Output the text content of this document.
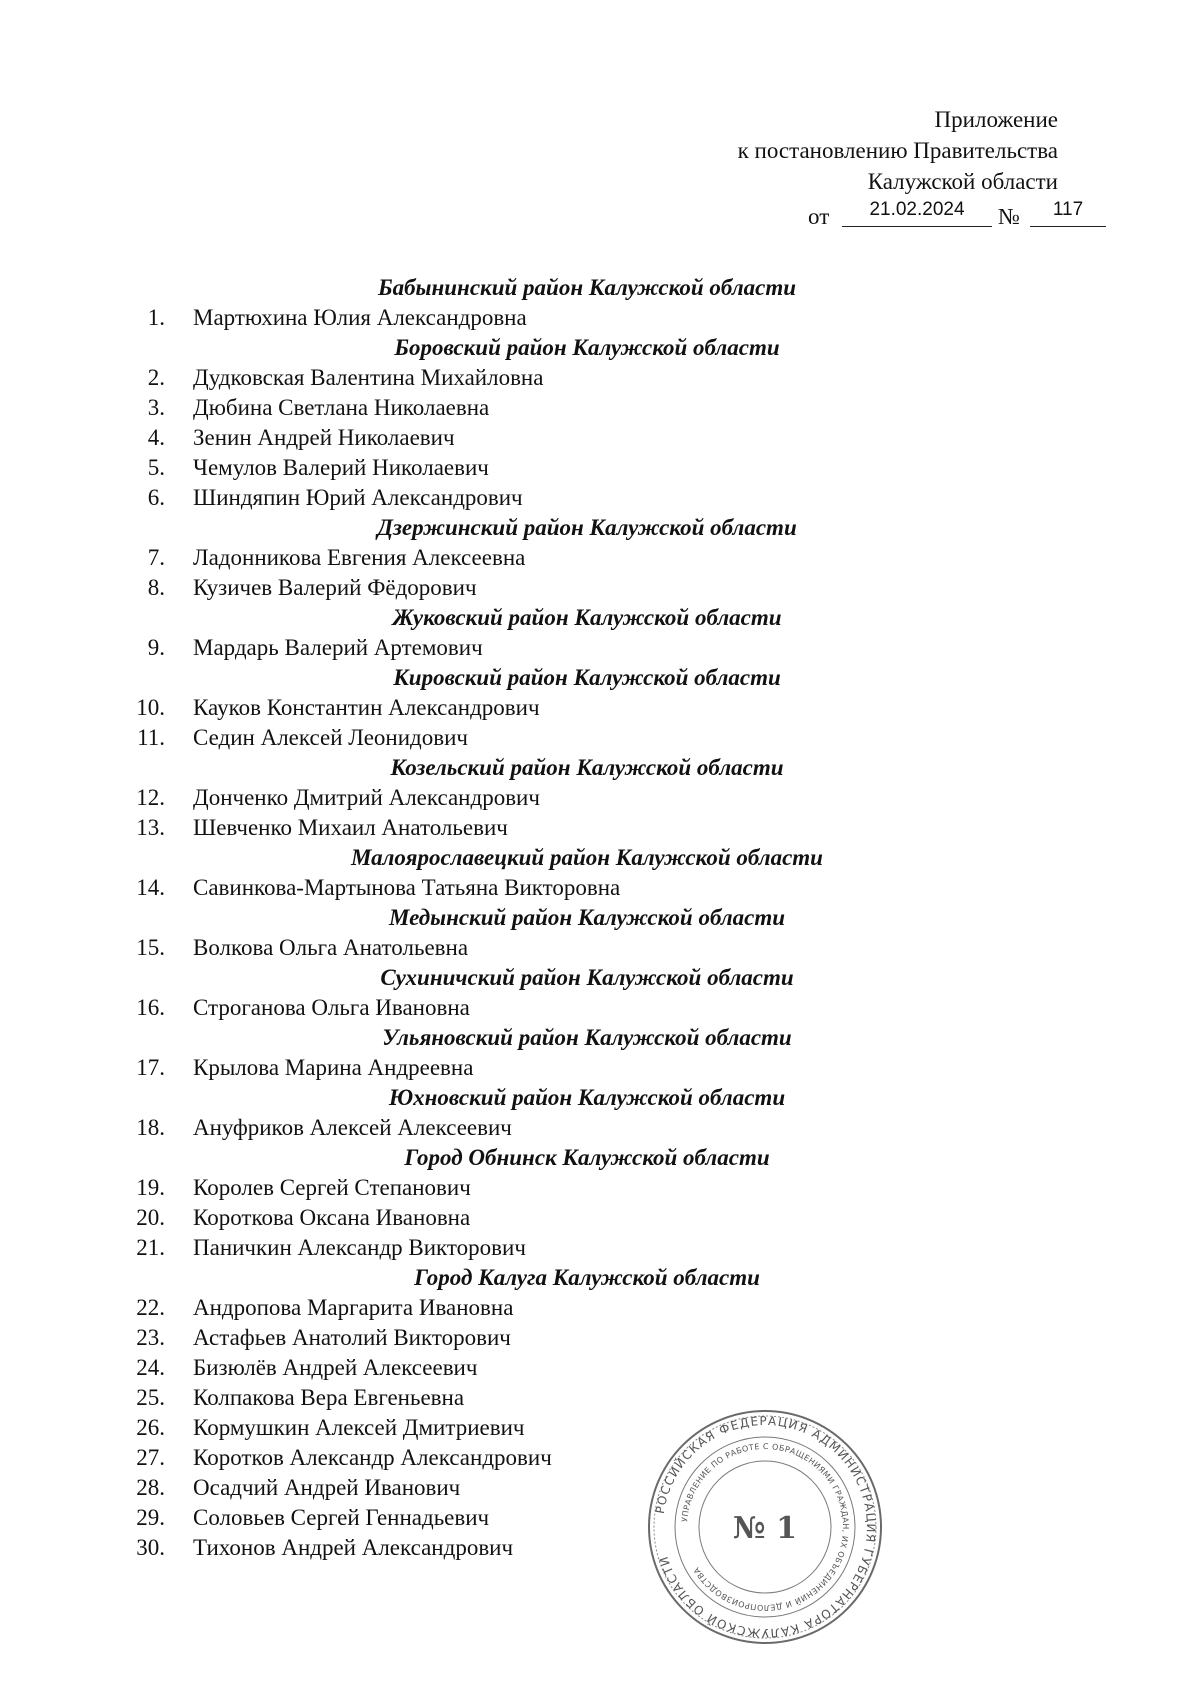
Приложение
к постановлению Правительства
Калужской области
от	21.02.2024	№	117
Бабынинский район Калужской области
1. Мартюхина Юлия Александровна
Боровский район Калужской области
2. Дудковская Валентина Михайловна
3. Дюбина Светлана Николаевна
4. Зенин Андрей Николаевич
5. Чемулов Валерий Николаевич
6. Шиндяпин Юрий Александрович
Дзержинский район Калужской области
7. Ладонникова Евгения Алексеевна
8. Кузичев Валерий Фёдорович
Жуковский район Калужской области
9. Мардарь Валерий Артемович
Кировский район Калужской области
10. Кауков Константин Александрович
11. Седин Алексей Леонидович
Козельский район Калужской области
12. Донченко Дмитрий Александрович
13. Шевченко Михаил Анатольевич
Малоярославецкий район Калужской области
14. Савинкова-Мартынова Татьяна Викторовна
Медынский район Калужской области
15. Волкова Ольга Анатольевна
Сухиничский район Калужской области
16. Строганова Ольга Ивановна
Ульяновский район Калужской области
17. Крылова Марина Андреевна
Юхновский район Калужской области
18. Ануфриков Алексей Алексеевич
Город Обнинск Калужской области
19. Королев Сергей Степанович
20. Короткова Оксана Ивановна
21. Паничкин Александр Викторович
Город Калуга Калужской области
22. Андропова Маргарита Ивановна
23. Астафьев Анатолий Викторович
24. Бизюлёв Андрей Алексеевич
25. Колпакова Вера Евгеньевна
26. Кормушкин Алексей Дмитриевич
27. Коротков Александр Александрович
28. Осадчий Андрей Иванович
29. Соловьев Сергей Геннадьевич
30. Тихонов Андрей Александрович
РОССИЙСКАЯ ФЕДЕРАЦИЯ АДМИНИСТРАЦИЯ ГУБЕРНАТОРА КАЛУЖСКОЙ ОБЛАСТИ
УПРАВЛЕНИЕ ПО РАБОТЕ С ОБРАЩЕНИЯМИ ГРАЖДАН, ИХ ОБЪЕДИНЕНИЙ И ДЕЛОПРОИЗВОДСТВА
№ 1
